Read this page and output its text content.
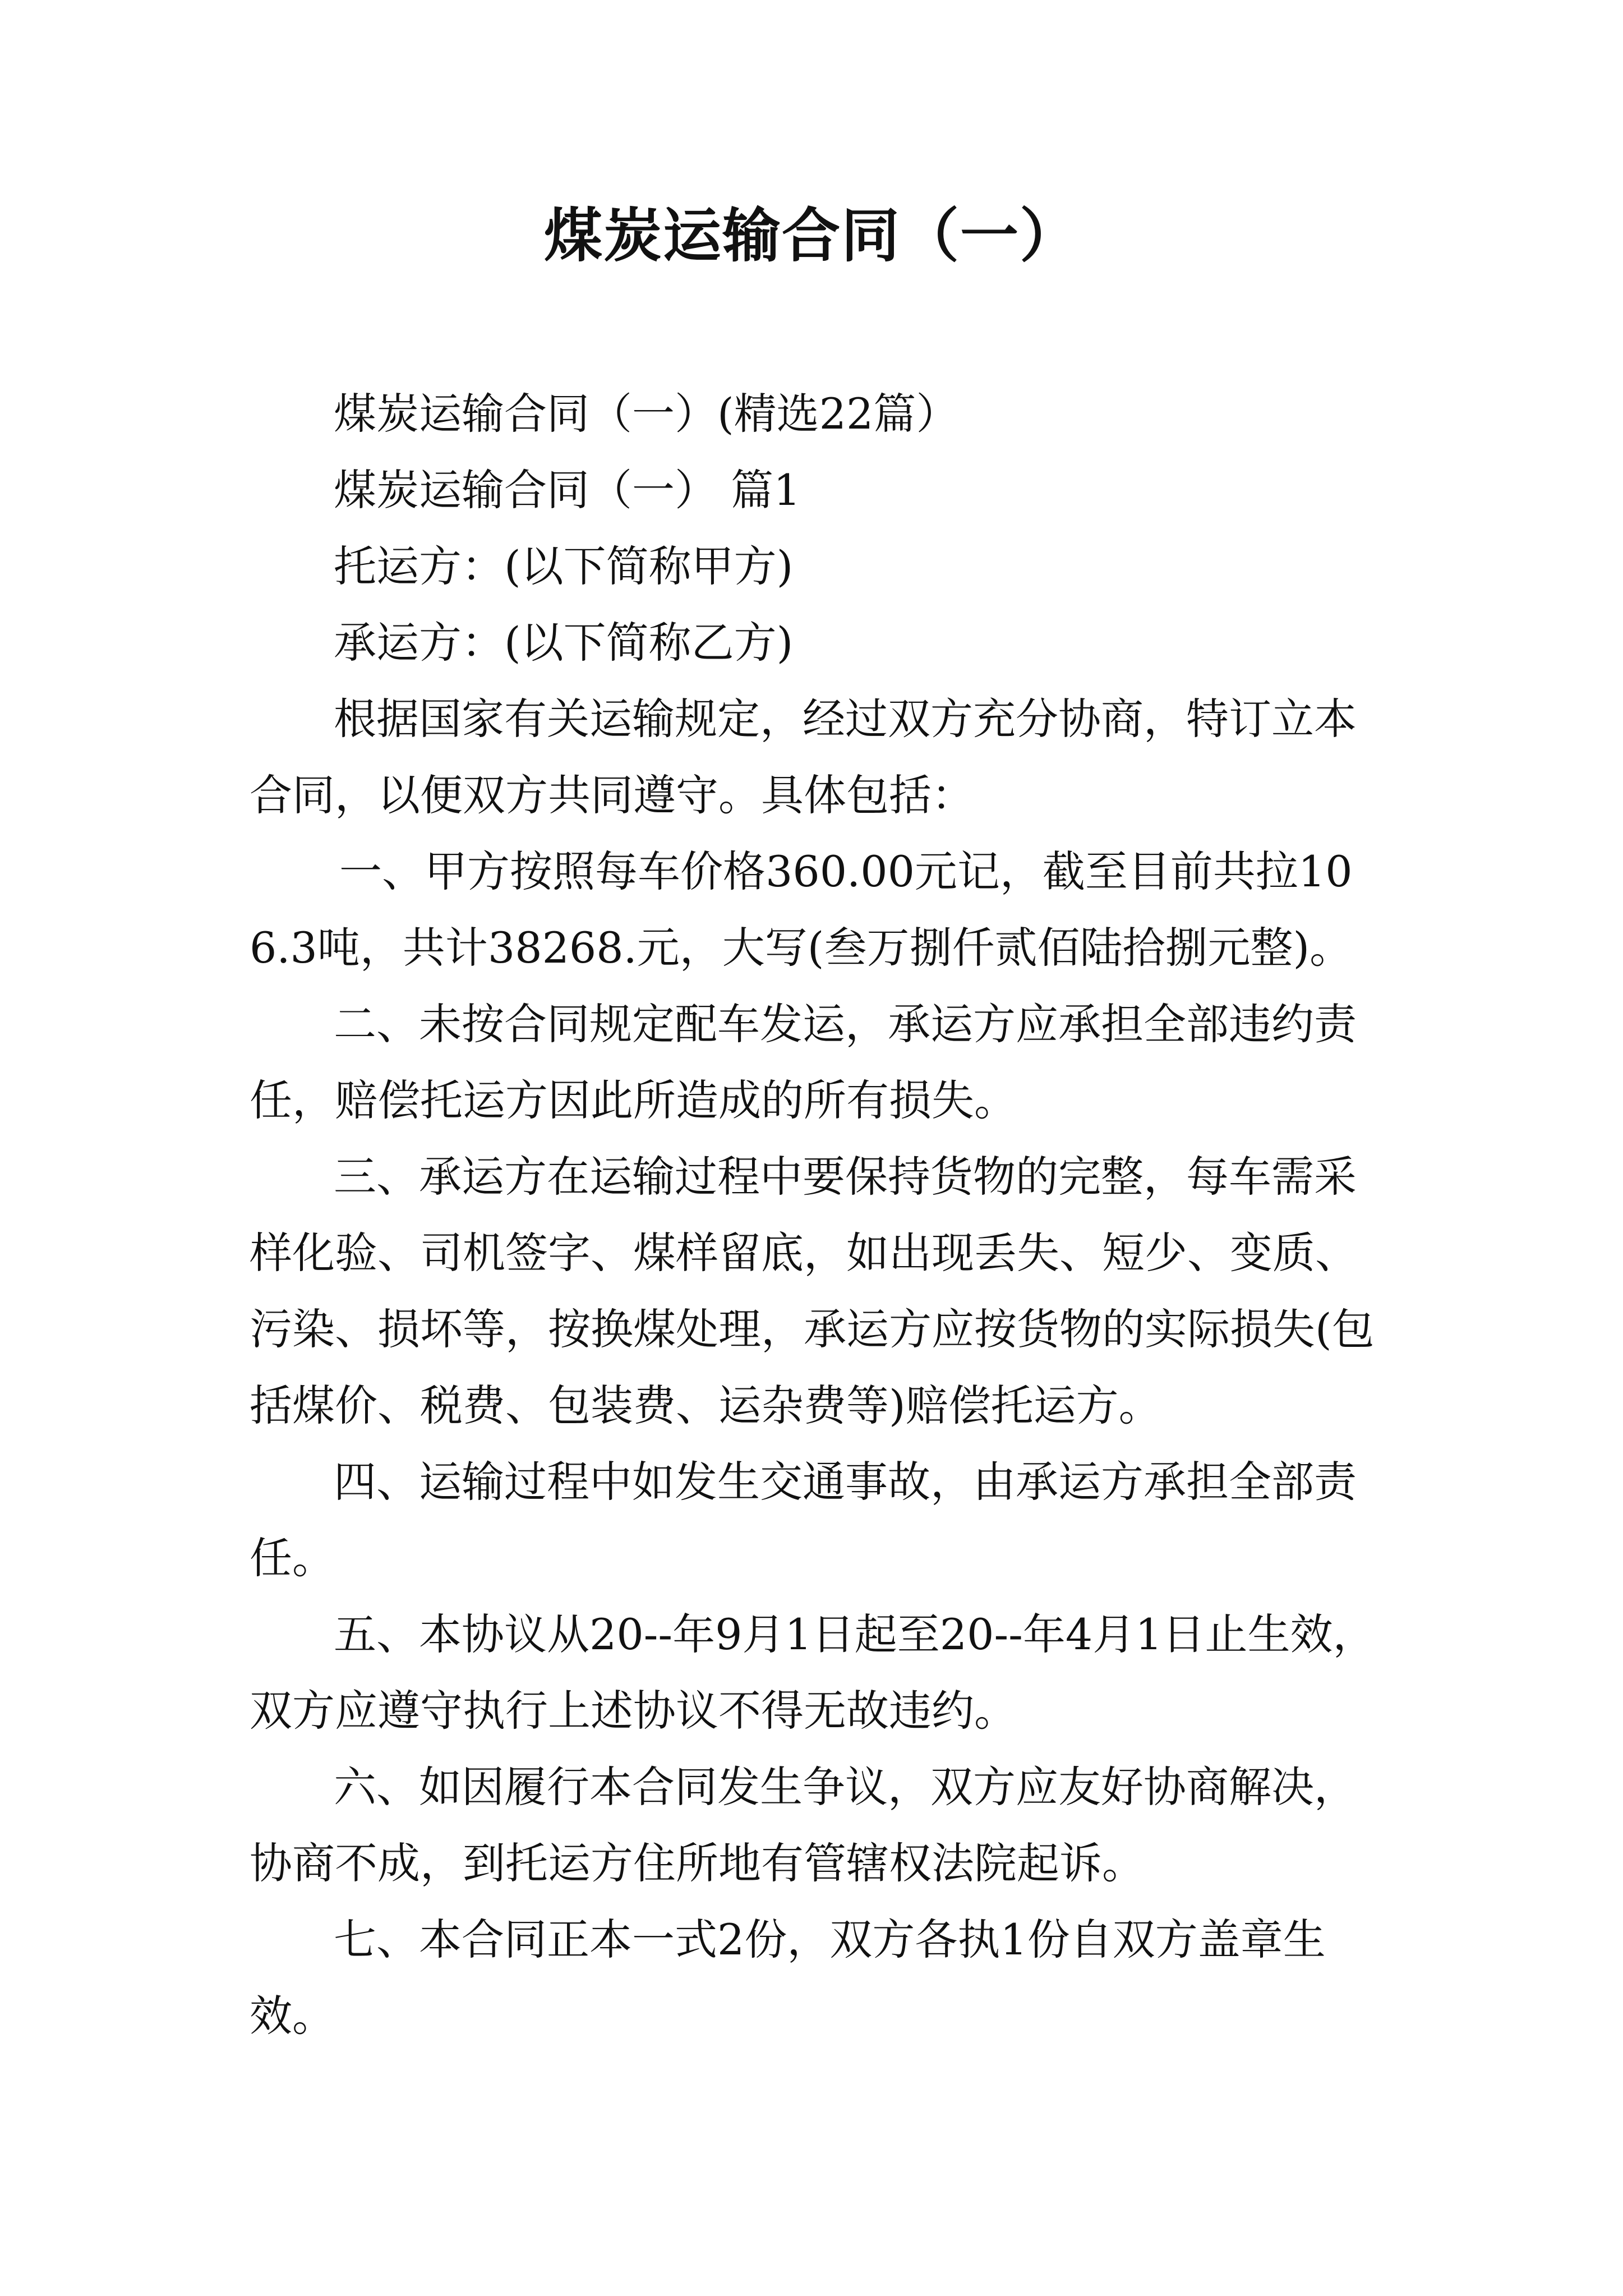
煤炭运输合同（一）

煤炭运输合同（一）(精选22篇）

煤炭运输合同（一） 篇1

托运方：(以下简称甲方)

承运方：(以下简称乙方)

根据国家有关运输规定，经过双方充分协商，特订立本合同，以便双方共同遵守。具体包括：

一、甲方按照每车价格360.00元记，截至目前共拉106.3吨，共计38268.元，大写(叁万捌仟贰佰陆拾捌元整)。

二、未按合同规定配车发运，承运方应承担全部违约责任，赔偿托运方因此所造成的所有损失。

三、承运方在运输过程中要保持货物的完整，每车需采样化验、司机签字、煤样留底，如出现丢失、短少、变质、污染、损坏等，按换煤处理，承运方应按货物的实际损失(包括煤价、税费、包装费、运杂费等)赔偿托运方。

四、运输过程中如发生交通事故，由承运方承担全部责任。

五、本协议从20--年9月1日起至20--年4月1日止生效，双方应遵守执行上述协议不得无故违约。

六、如因履行本合同发生争议，双方应友好协商解决，协商不成，到托运方住所地有管辖权法院起诉。

七、本合同正本一式2份，双方各执1份自双方盖章生效。
